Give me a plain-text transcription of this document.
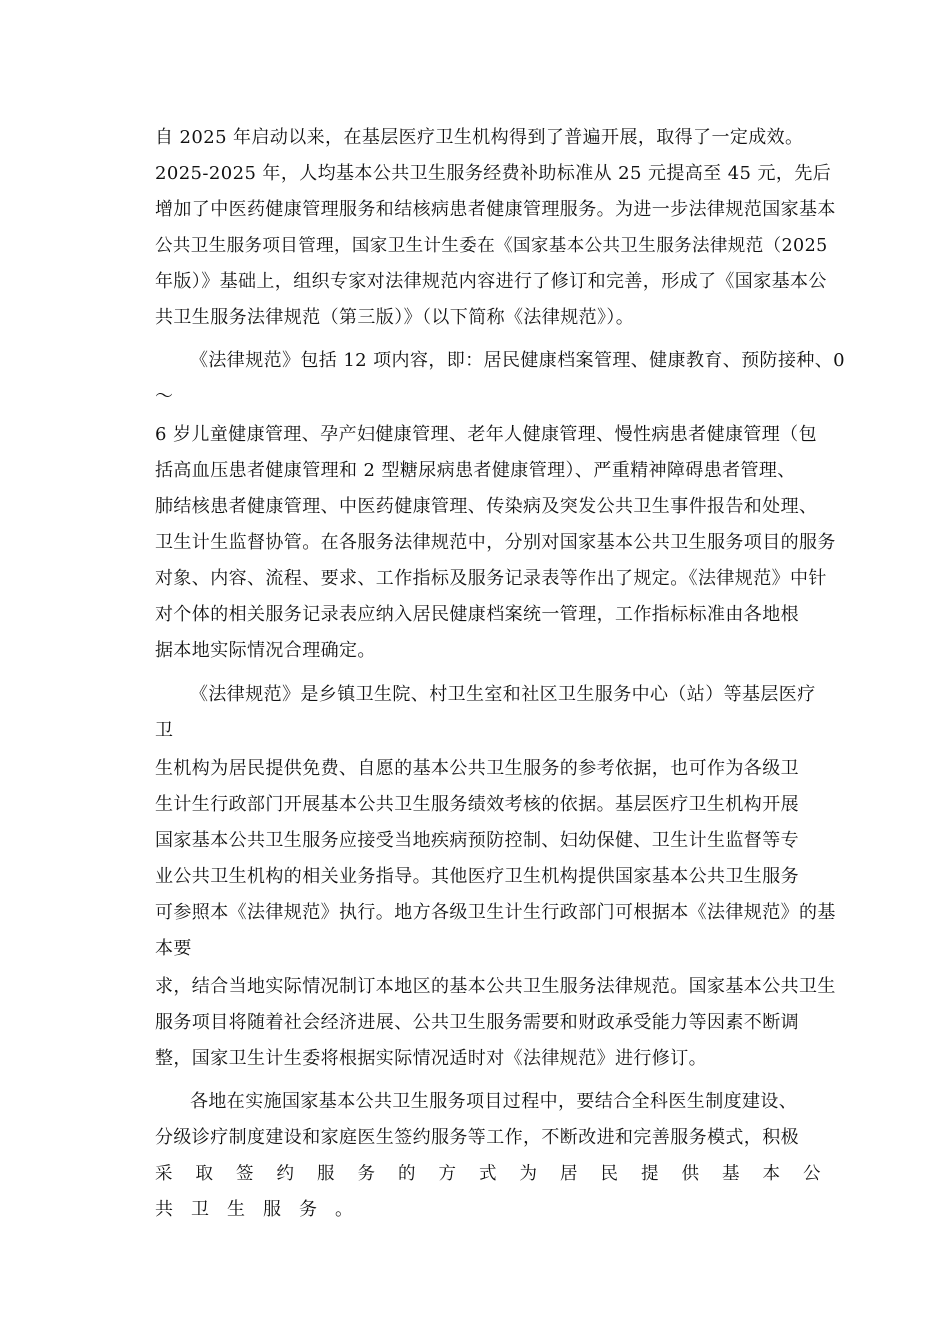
自 2025 年启动以来，在基层医疗卫生机构得到了普遍开展，取得了一定成效。
2025-2025 年，人均基本公共卫生服务经费补助标准从 25 元提高至 45 元，先后
增加了中医药健康管理服务和结核病患者健康管理服务。为进一步法律规范国家基本
公共卫生服务项目管理，国家卫生计生委在《国家基本公共卫生服务法律规范（2025
年版）》基础上，组织专家对法律规范内容进行了修订和完善，形成了《国家基本公
共卫生服务法律规范（第三版）》（以下简称《法律规范》）。
《法律规范》包括 12 项内容，即：居民健康档案管理、健康教育、预防接种、0
～
6 岁儿童健康管理、孕产妇健康管理、老年人健康管理、慢性病患者健康管理（包
括高血压患者健康管理和 2 型糖尿病患者健康管理）、严重精神障碍患者管理、
肺结核患者健康管理、中医药健康管理、传染病及突发公共卫生事件报告和处理、
卫生计生监督协管。在各服务法律规范中，分别对国家基本公共卫生服务项目的服务
对象、内容、流程、要求、工作指标及服务记录表等作出了规定。《法律规范》中针
对个体的相关服务记录表应纳入居民健康档案统一管理，工作指标标准由各地根
据本地实际情况合理确定。
《法律规范》是乡镇卫生院、村卫生室和社区卫生服务中心（站）等基层医疗
卫
生机构为居民提供免费、自愿的基本公共卫生服务的参考依据，也可作为各级卫
生计生行政部门开展基本公共卫生服务绩效考核的依据。基层医疗卫生机构开展
国家基本公共卫生服务应接受当地疾病预防控制、妇幼保健、卫生计生监督等专
业公共卫生机构的相关业务指导。其他医疗卫生机构提供国家基本公共卫生服务
可参照本《法律规范》执行。地方各级卫生计生行政部门可根据本《法律规范》的基
本要
求，结合当地实际情况制订本地区的基本公共卫生服务法律规范。国家基本公共卫生
服务项目将随着社会经济进展、公共卫生服务需要和财政承受能力等因素不断调
整，国家卫生计生委将根据实际情况适时对《法律规范》进行修订。
各地在实施国家基本公共卫生服务项目过程中，要结合全科医生制度建设、
分级诊疗制度建设和家庭医生签约服务等工作，不断改进和完善服务模式，积极
采取签约服务的方式为居民提供基本公
共卫生服务。
